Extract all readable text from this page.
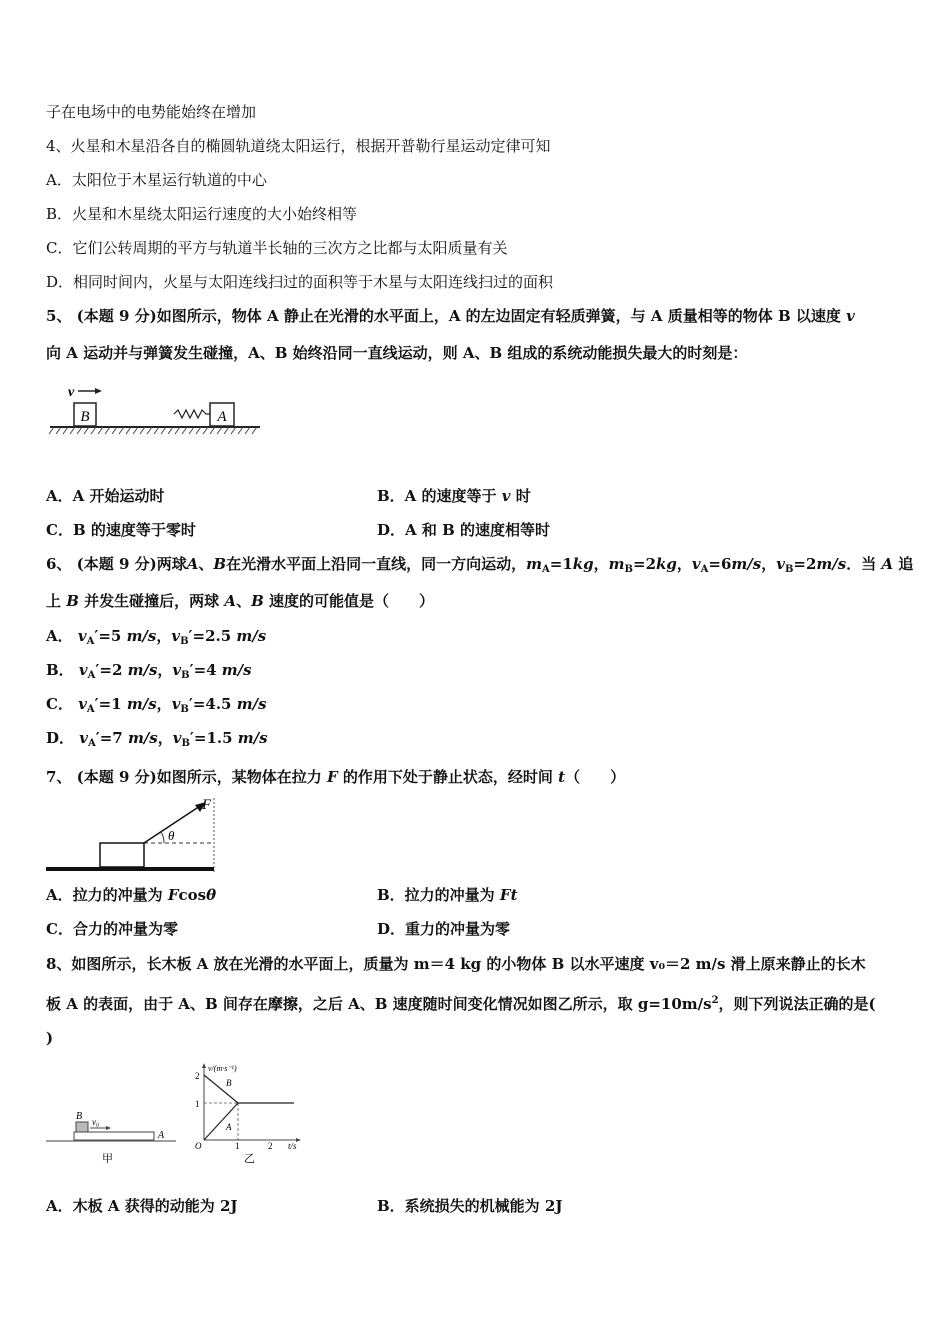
子在电场中的电势能始终在增加
4、火星和木星沿各自的椭圆轨道绕太阳运行，根据开普勒行星运动定律可知
A．太阳位于木星运行轨道的中心
B．火星和木星绕太阳运行速度的大小始终相等
C．它们公转周期的平方与轨道半长轴的三次方之比都与太阳质量有关
D．相同时间内，火星与太阳连线扫过的面积等于木星与太阳连线扫过的面积
5、 (本题 9 分)如图所示，物体 A 静止在光滑的水平面上，A 的左边固定有轻质弹簧，与 A 质量相等的物体 B 以速度 v
向 A 运动并与弹簧发生碰撞，A、B 始终沿同一直线运动，则 A、B 组成的系统动能损失最大的时刻是：
B
v
A
A．A 开始运动时	B．A 的速度等于 v 时
C．B 的速度等于零时	D．A 和 B 的速度相等时
6、 (本题 9 分)两球A、B在光滑水平面上沿同一直线，同一方向运动，$m_A=1kg$，$m_B=2kg$，$v_A=6m/s$，$v_B=2m/s$．当 A 追
上 B 并发生碰撞后，两球 A、B 速度的可能值是（　　）
A． $v_A'=5$ m/s，$v_B'=2.5$ m/s
B． $v_A'=2$ m/s，$v_B'=4$ m/s
C． $v_A'=1$ m/s，$v_B'=4.5$ m/s
D． $v_A'=7$ m/s，$v_B'=1.5$ m/s
7、 (本题 9 分)如图所示，某物体在拉力 F 的作用下处于静止状态，经时间 t（　　）
F
θ
A．拉力的冲量为 Fcosθ	B．拉力的冲量为 Ft
C．合力的冲量为零	D．重力的冲量为零
8、如图所示，长木板 A 放在光滑的水平面上，质量为 m＝4 kg 的小物体 B 以水平速度 v₀＝2 m/s 滑上原来静止的长木
板 A 的表面，由于 A、B 间存在摩擦，之后 A、B 速度随时间变化情况如图乙所示，取 $g=10m/s^2$，则下列说法正确的是(
)
B v₀
A
甲
v/(m·s⁻¹)
2
1
O	1	2 t/s
B
A
乙
A．木板 A 获得的动能为 2J	B．系统损失的机械能为 2J
